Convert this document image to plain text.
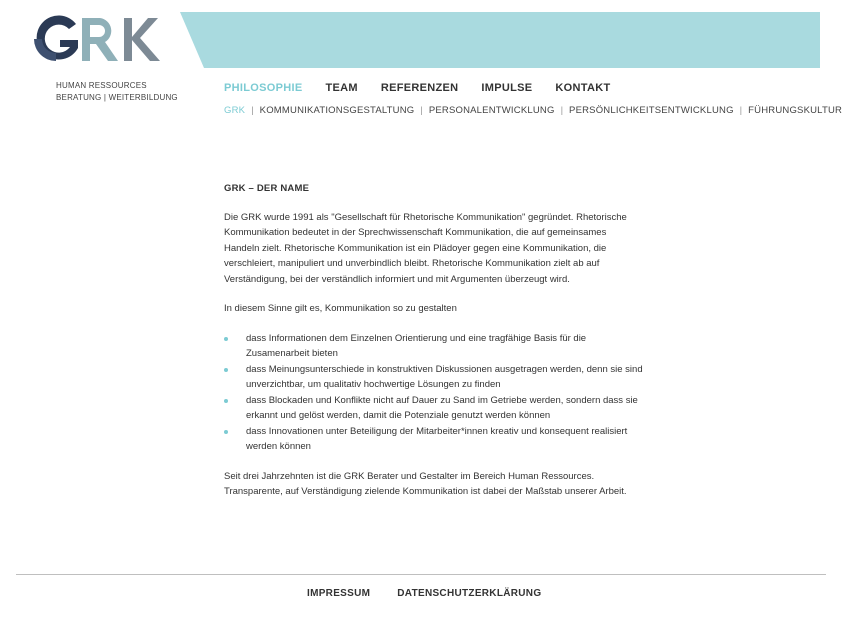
HUMAN RESSOURCES
BERATUNG | WEITERBILDUNG
PHILOSOPHIE TEAM REFERENZEN IMPULSE KONTAKT
GRK | KOMMUNIKATIONSGESTALTUNG | PERSONALENTWICKLUNG | PERSÖNLICHKEITSENTWICKLUNG | FÜHRUNGSKULTUR
GRK – DER NAME

Die GRK wurde 1991 als "Gesellschaft für Rhetorische Kommunikation" gegründet. Rhetorische Kommunikation bedeutet in der Sprechwissenschaft Kommunikation, die auf gemeinsames Handeln zielt. Rhetorische Kommunikation ist ein Plädoyer gegen eine Kommunikation, die verschleiert, manipuliert und unverbindlich bleibt. Rhetorische Kommunikation zielt ab auf Verständigung, bei der verständlich informiert und mit Argumenten überzeugt wird.

In diesem Sinne gilt es, Kommunikation so zu gestalten

dass Informationen dem Einzelnen Orientierung und eine tragfähige Basis für die Zusamenarbeit bieten
dass Meinungsunterschiede in konstruktiven Diskussionen ausgetragen werden, denn sie sind unverzichtbar, um qualitativ hochwertige Lösungen zu finden
dass Blockaden und Konflikte nicht auf Dauer zu Sand im Getriebe werden, sondern dass sie erkannt und gelöst werden, damit die Potenziale genutzt werden können
dass Innovationen unter Beteiligung der Mitarbeiter*innen kreativ und konsequent realisiert werden können

Seit drei Jahrzehnten ist die GRK Berater und Gestalter im Bereich Human Ressources. Transparente, auf Verständigung zielende Kommunikation ist dabei der Maßstab unserer Arbeit.

IMPRESSUM	DATENSCHUTZERKLÄRUNG
